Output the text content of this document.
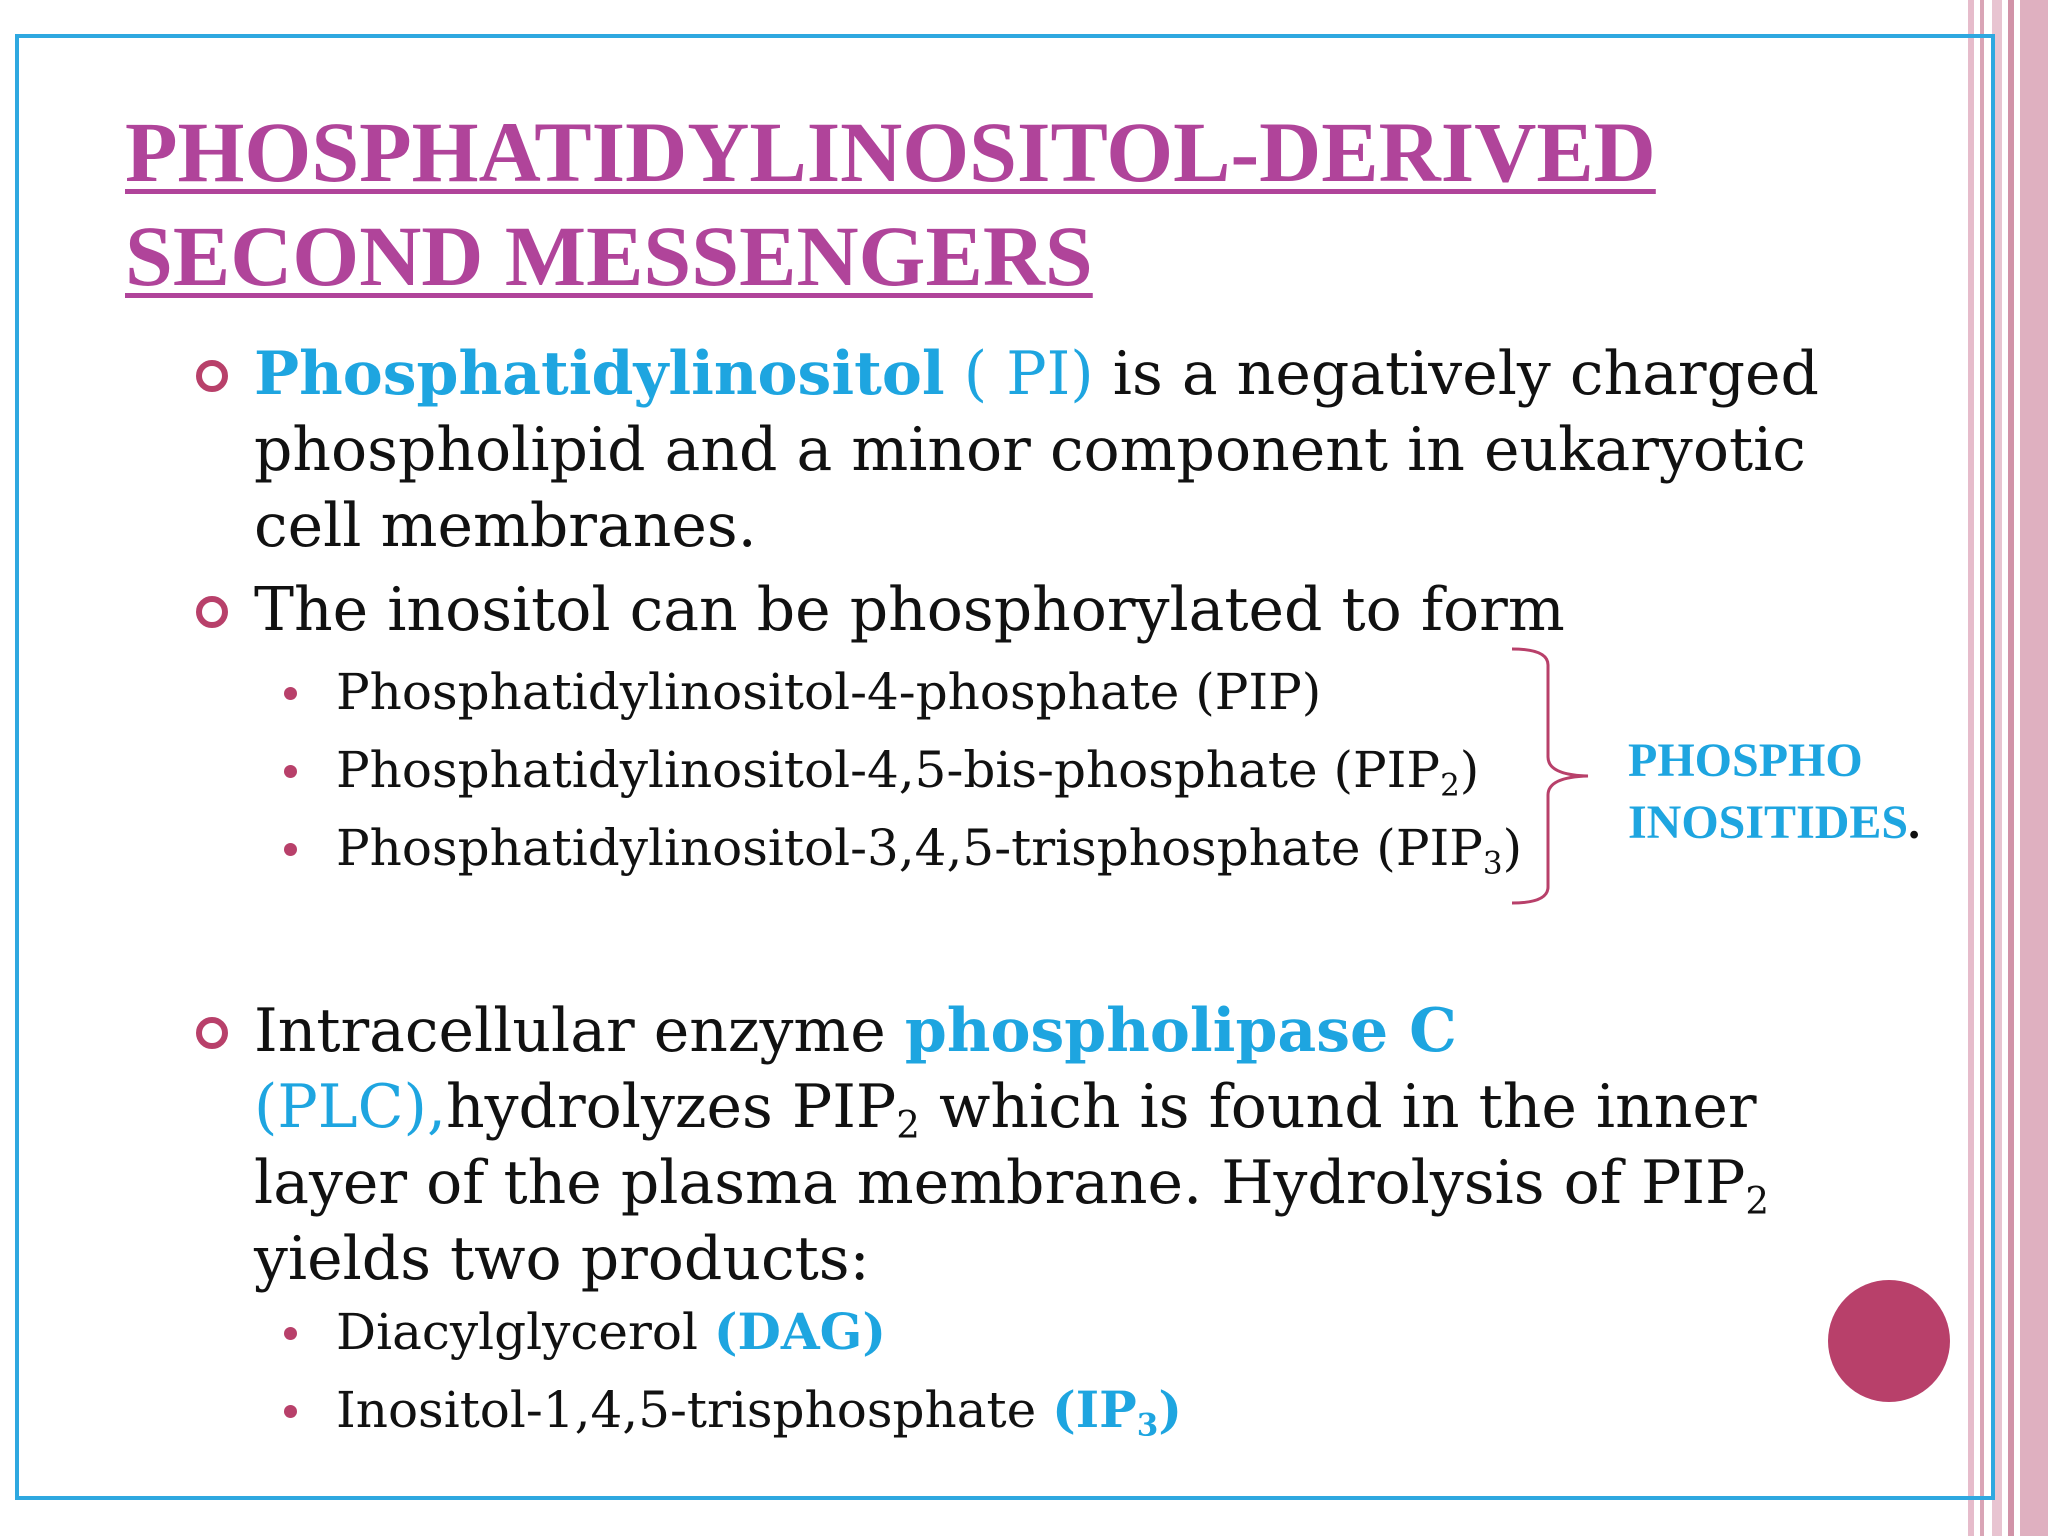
PHOSPHATIDYLINOSITOL-DERIVED
SECOND MESSENGERS
Phosphatidylinositol ( PI) is a negatively charged phospholipid and a minor component in eukaryotic cell membranes.
The inositol can be phosphorylated to form
Phosphatidylinositol-4-phosphate (PIP)
Phosphatidylinositol-4,5-bis-phosphate $(PIP_2)$
Phosphatidylinositol-3,4,5-trisphosphate $(PIP_3)$
PHOSPHO
INOSITIDES.
Intracellular enzyme phospholipase C
(PLC),hydrolyzes $PIP_2$ which is found in the inner layer of the plasma membrane. Hydrolysis of $PIP_2$ yields two products:
Diacylglycerol (DAG)
Inositol-1,4,5-trisphosphate $(IP_3)$
